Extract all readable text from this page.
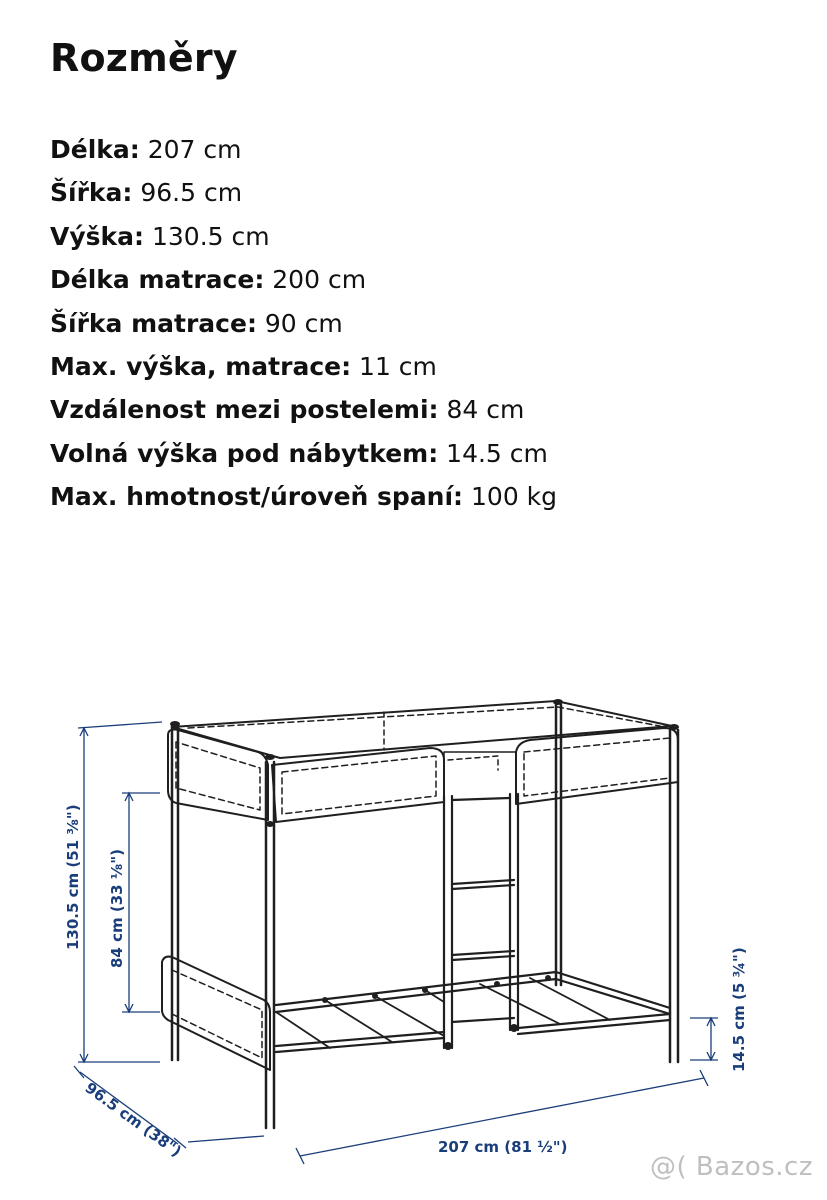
Rozměry
Délka: 207 cm
Šířka: 96.5 cm
Výška: 130.5 cm
Délka matrace: 200 cm
Šířka matrace: 90 cm
Max. výška, matrace: 11 cm
Vzdálenost mezi postelemi: 84 cm
Volná výška pod nábytkem: 14.5 cm
Max. hmotnost/úroveň spaní: 100 kg
130.5 cm (51 ⅜") 84 cm (33 ⅛")
96.5 cm (38")	207 cm (81 ½")
14.5 cm (5 ¾")
@( Bazos.cz
